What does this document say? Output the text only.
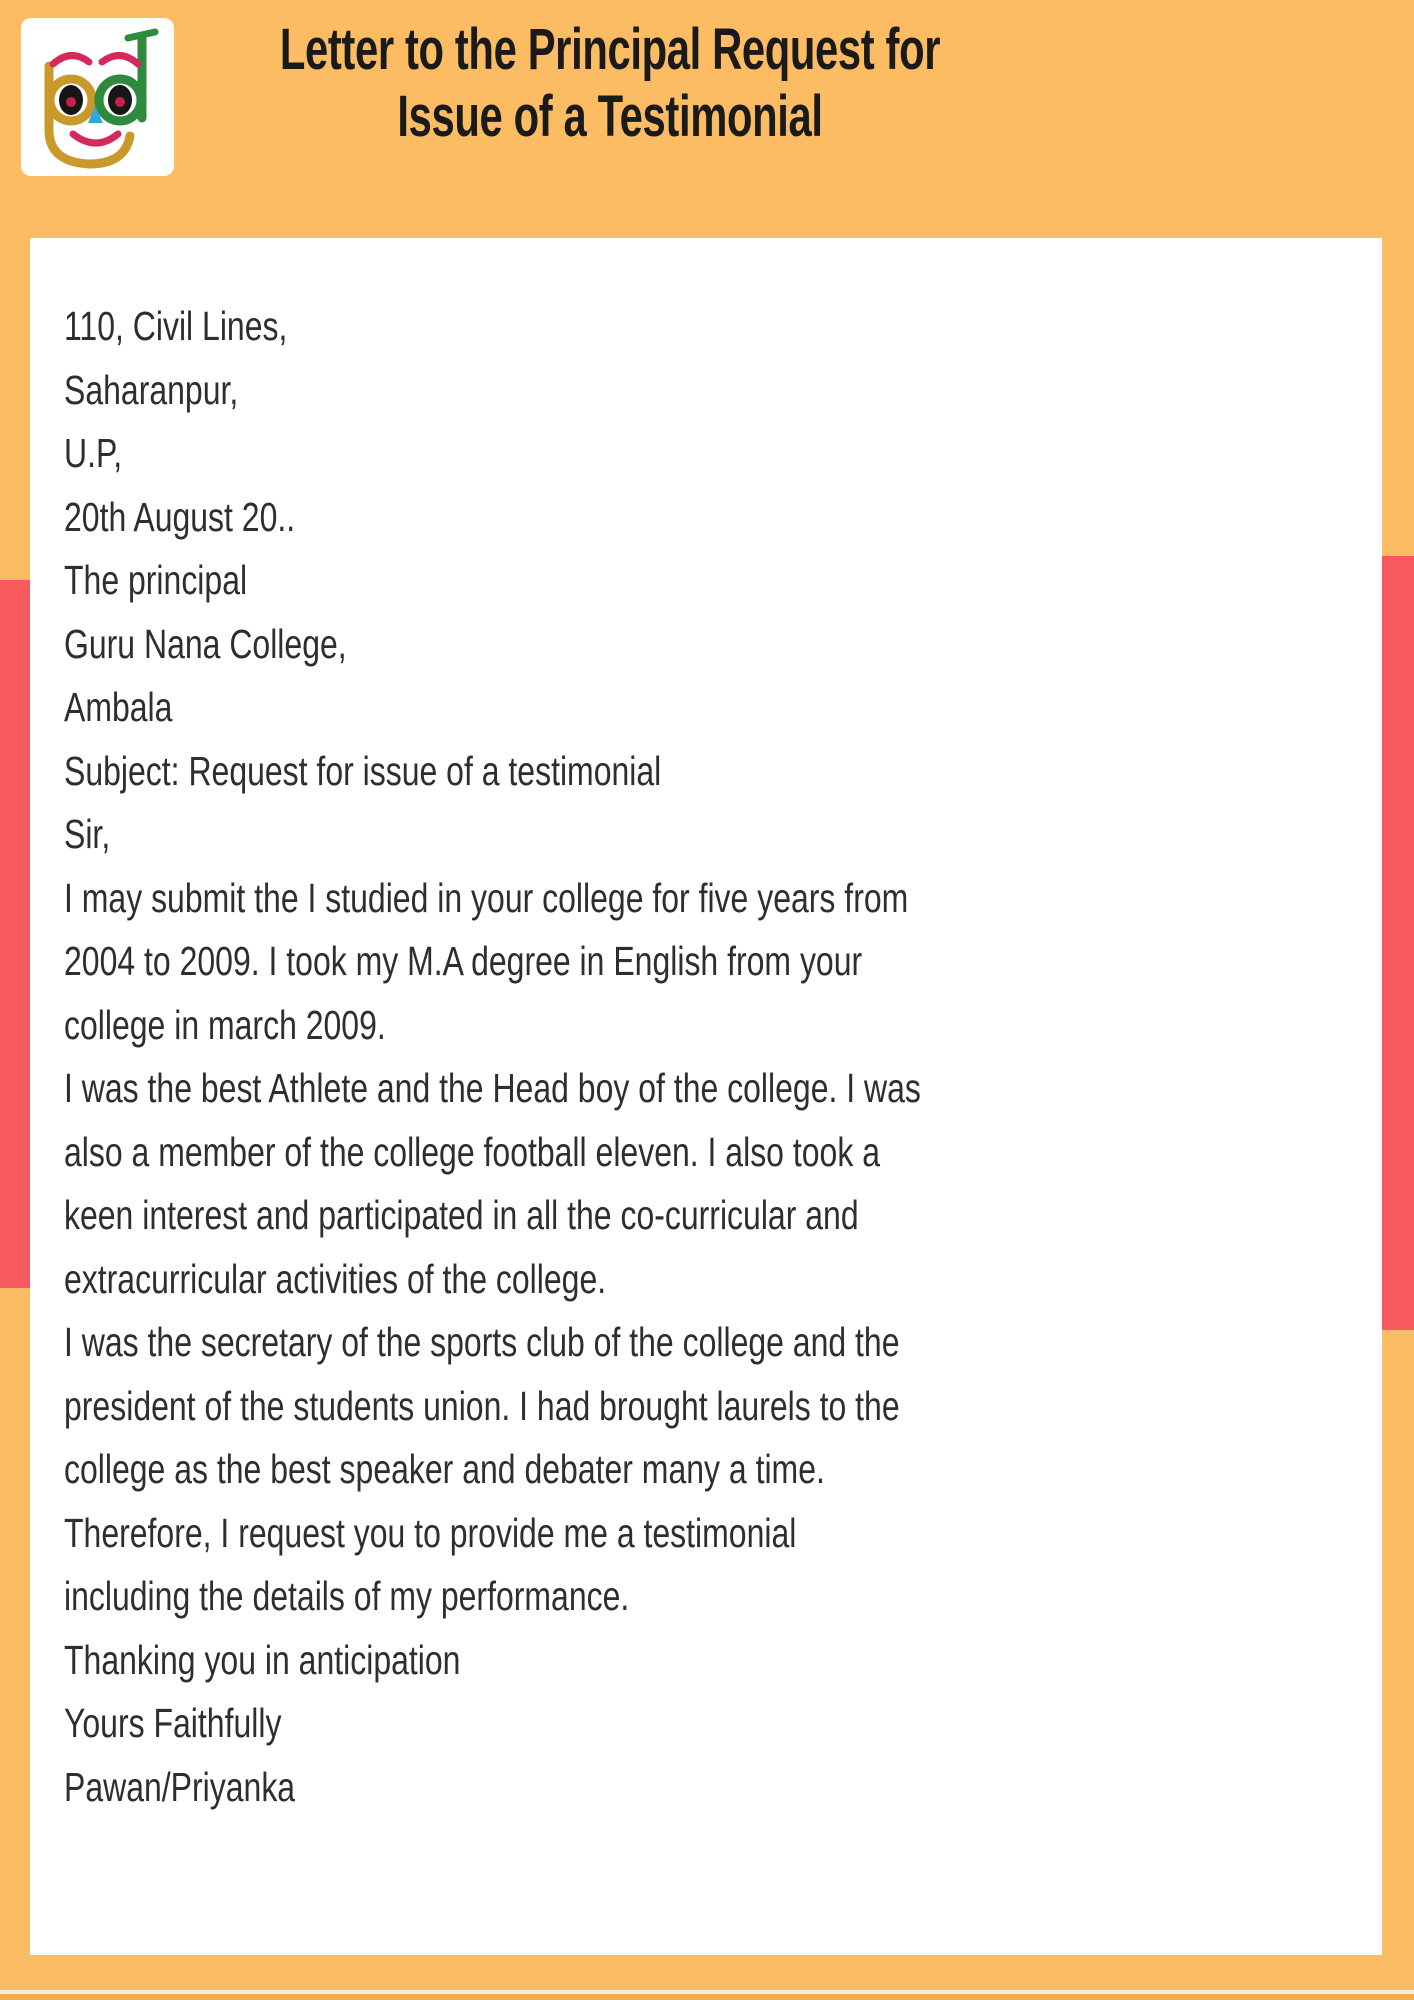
Letter to the Principal Request for
Issue of a Testimonial
110, Civil Lines,
Saharanpur,
U.P,
20th August 20..
The principal
Guru Nana College,
Ambala
Subject: Request for issue of a testimonial
Sir,
I may submit the I studied in your college for five years from
2004 to 2009. I took my M.A degree in English from your
college in march 2009.
I was the best Athlete and the Head boy of the college. I was
also a member of the college football eleven. I also took a
keen interest and participated in all the co-curricular and
extracurricular activities of the college.
I was the secretary of the sports club of the college and the
president of the students union. I had brought laurels to the
college as the best speaker and debater many a time.
Therefore, I request you to provide me a testimonial
including the details of my performance.
Thanking you in anticipation
Yours Faithfully
Pawan/Priyanka
